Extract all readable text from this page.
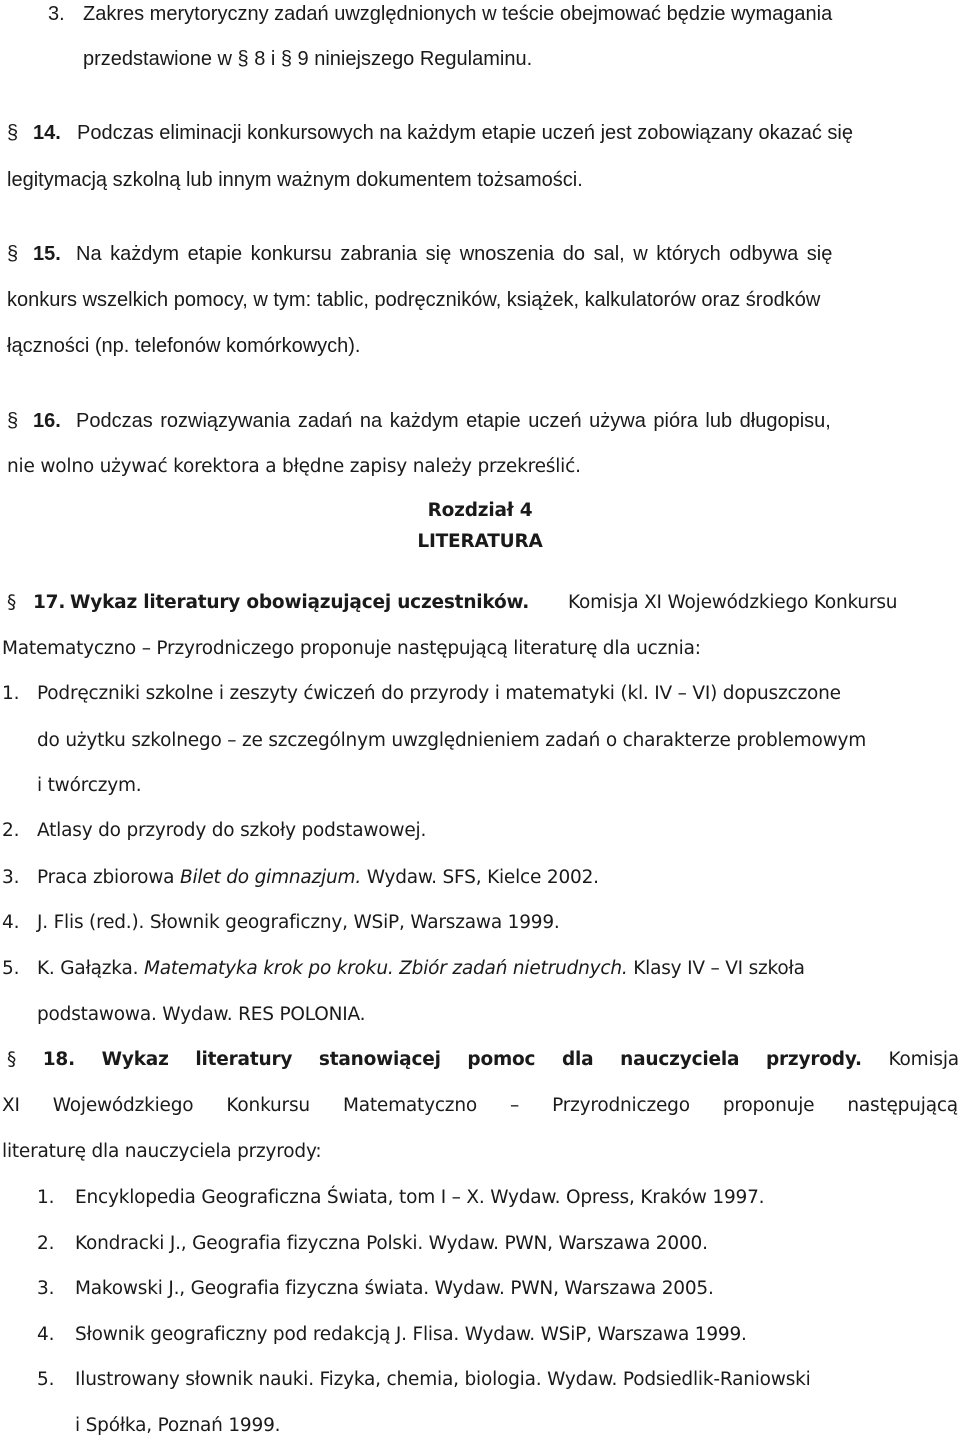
3. Zakres merytoryczny zadań uwzględnionych w teście obejmować będzie wymagania
przedstawione w § 8 i § 9 niniejszego Regulaminu.
§ 14. Podczas eliminacji konkursowych na każdym etapie uczeń jest zobowiązany okazać się
legitymacją szkolną lub innym ważnym dokumentem tożsamości.
§ 15. Na każdym etapie konkursu zabrania się wnoszenia do sal, w których odbywa się
konkurs wszelkich pomocy, w tym: tablic, podręczników, książek, kalkulatorów oraz środków
łączności (np. telefonów komórkowych).
§ 16. Podczas rozwiązywania zadań na każdym etapie uczeń używa pióra lub długopisu,
nie wolno używać korektora a błędne zapisy należy przekreślić.
Rozdział 4
LITERATURA
§ 17. Wykaz literatury obowiązującej uczestników. Komisja XI Wojewódzkiego Konkursu
Matematyczno – Przyrodniczego proponuje następującą literaturę dla ucznia:
1. Podręczniki szkolne i zeszyty ćwiczeń do przyrody i matematyki (kl. IV – VI) dopuszczone
do użytku szkolnego – ze szczególnym uwzględnieniem zadań o charakterze problemowym
i twórczym.
2. Atlasy do przyrody do szkoły podstawowej.
3. Praca zbiorowa Bilet do gimnazjum. Wydaw. SFS, Kielce 2002.
4. J. Flis (red.). Słownik geograficzny, WSiP, Warszawa 1999.
5. K. Gałązka. Matematyka krok po kroku. Zbiór zadań nietrudnych. Klasy IV – VI szkoła
podstawowa. Wydaw. RES POLONIA.
§ 18. Wykaz literatury stanowiącej pomoc dla nauczyciela przyrody. Komisja
XI Wojewódzkiego Konkursu Matematyczno – Przyrodniczego proponuje następującą
literaturę dla nauczyciela przyrody:
1. Encyklopedia Geograficzna Świata, tom I – X. Wydaw. Opress, Kraków 1997.
2. Kondracki J., Geografia fizyczna Polski. Wydaw. PWN, Warszawa 2000.
3. Makowski J., Geografia fizyczna świata. Wydaw. PWN, Warszawa 2005.
4. Słownik geograficzny pod redakcją J. Flisa. Wydaw. WSiP, Warszawa 1999.
5. Ilustrowany słownik nauki. Fizyka, chemia, biologia. Wydaw. Podsiedlik-Raniowski
i Spółka, Poznań 1999.
